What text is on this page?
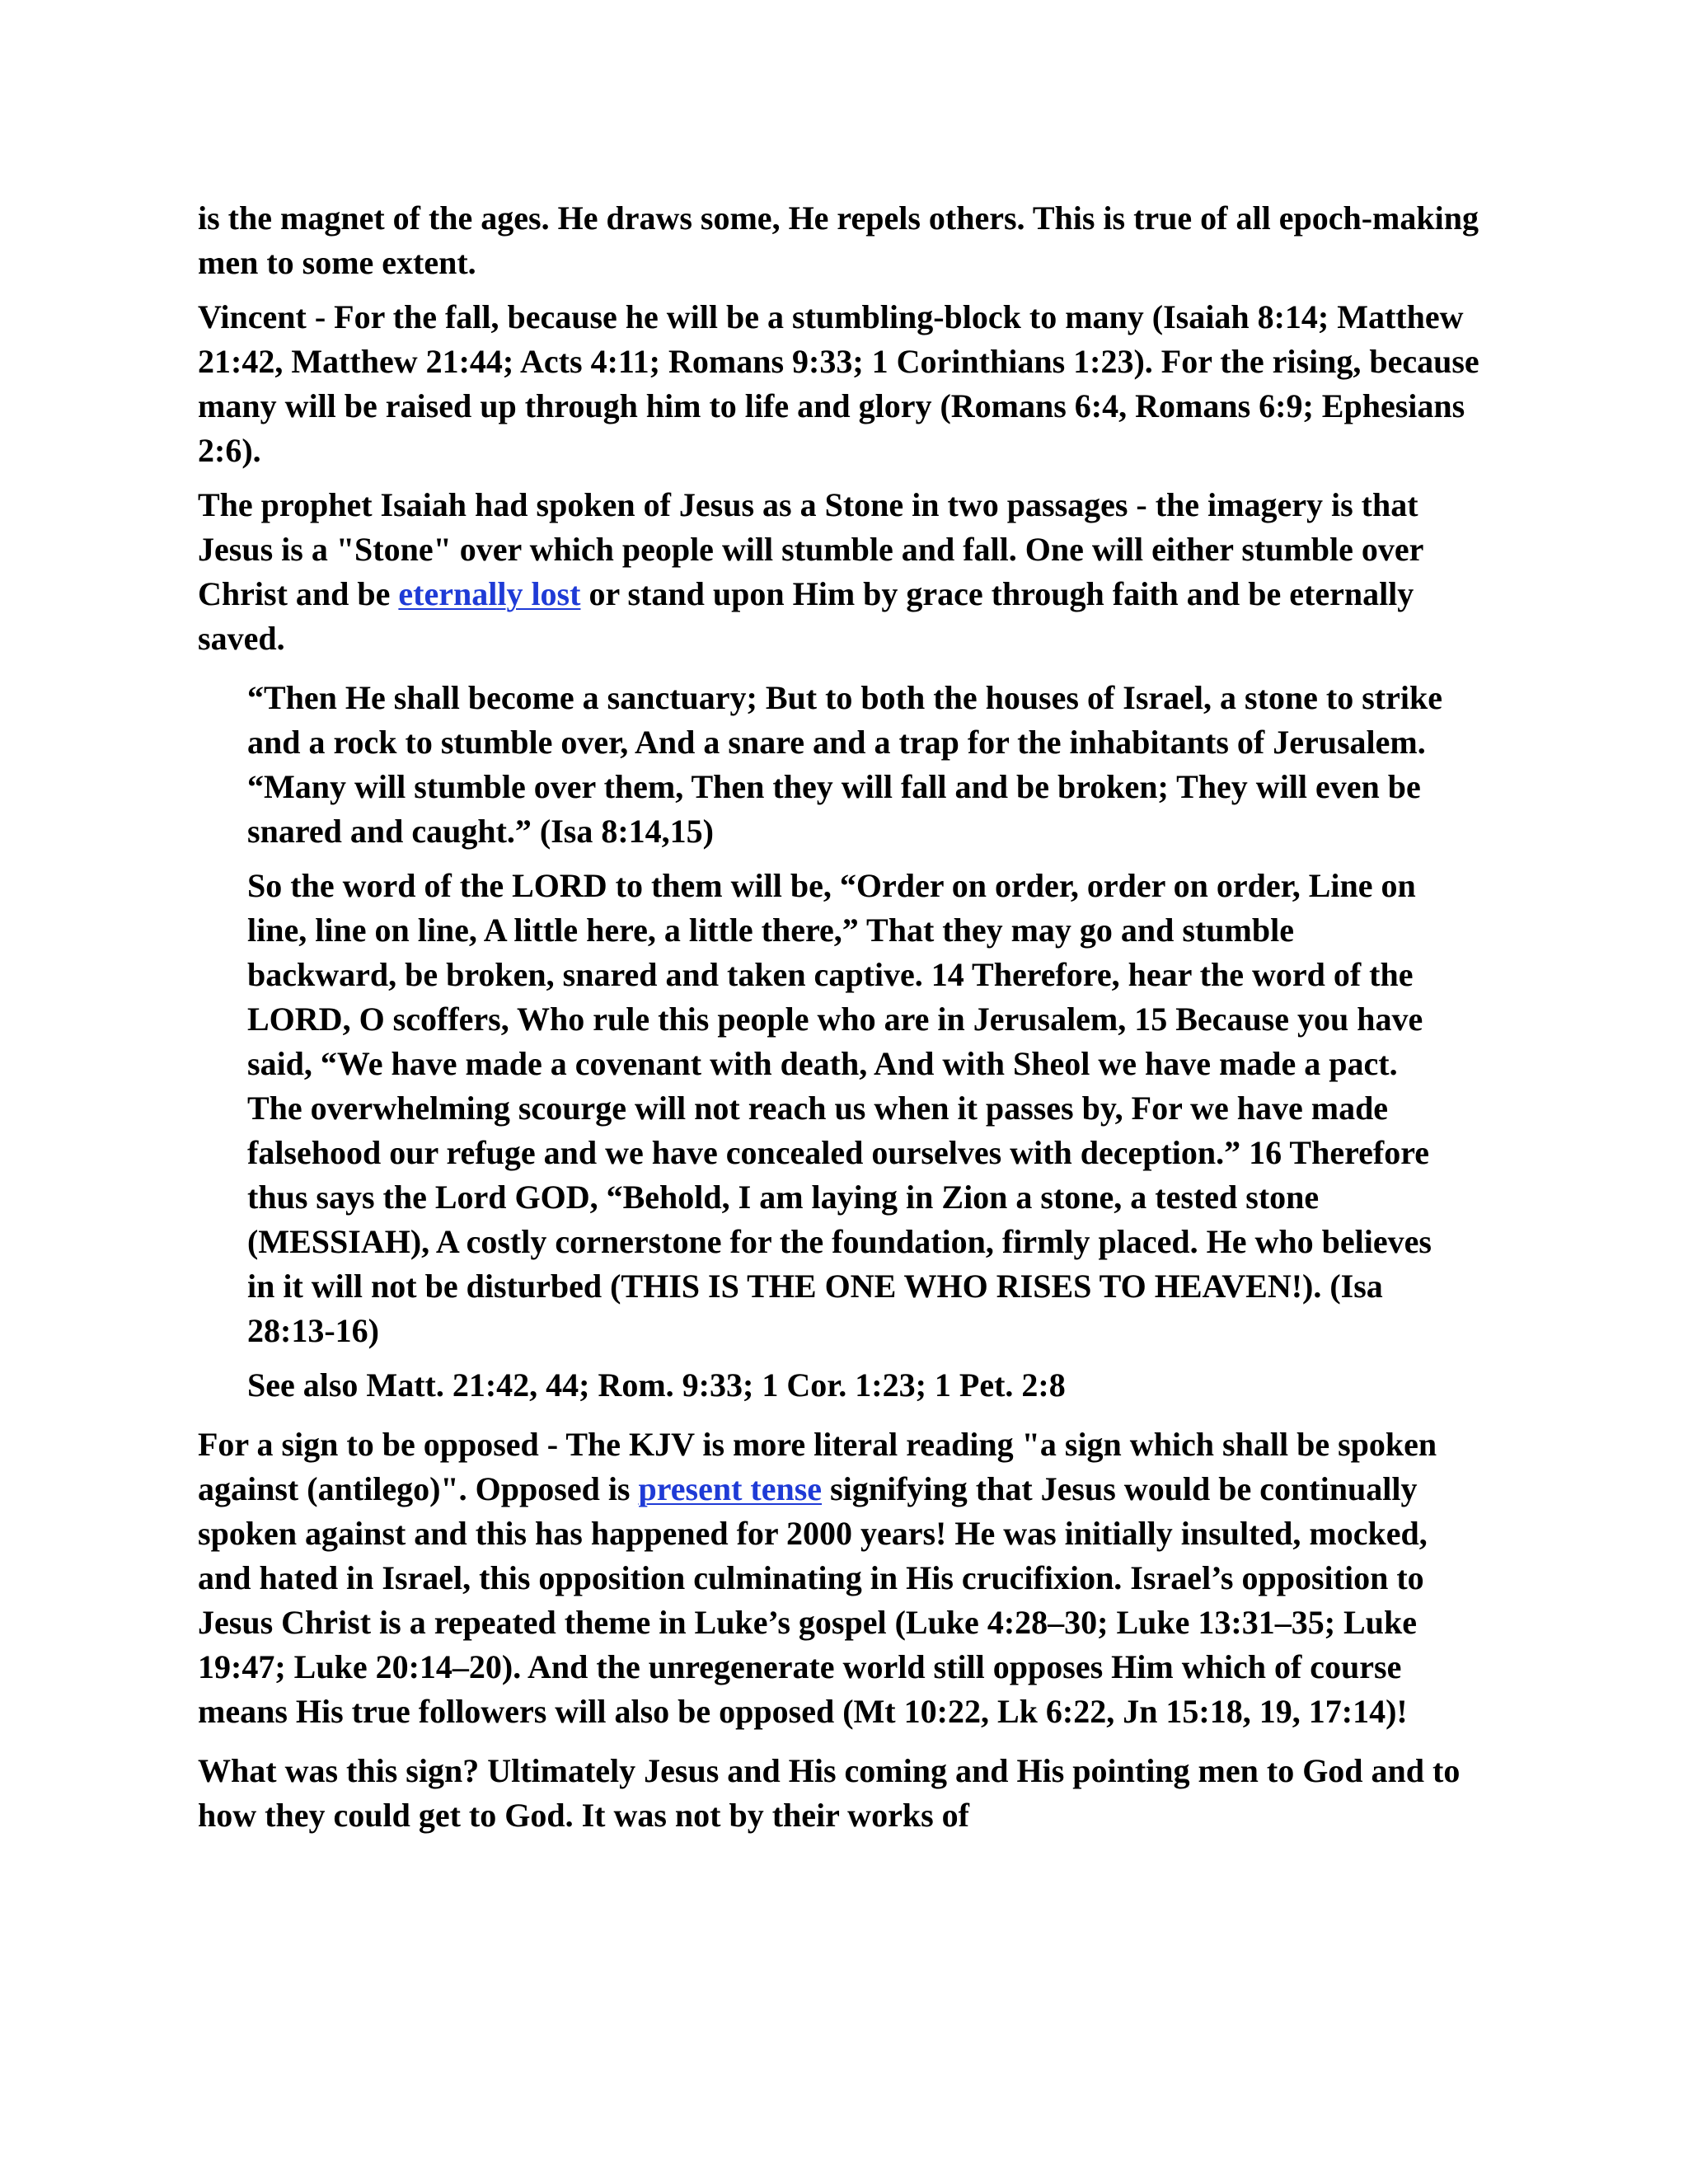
is the magnet of the ages. He draws some, He repels others. This is true of all epoch-making men to some extent.

Vincent - For the fall, because he will be a stumbling-block to many (Isaiah 8:14; Matthew 21:42, Matthew 21:44; Acts 4:11; Romans 9:33; 1 Corinthians 1:23). For the rising, because many will be raised up through him to life and glory (Romans 6:4, Romans 6:9; Ephesians 2:6).

The prophet Isaiah had spoken of Jesus as a Stone in two passages - the imagery is that Jesus is a "Stone" over which people will stumble and fall. One will either stumble over Christ and be eternally lost or stand upon Him by grace through faith and be eternally saved.

“Then He shall become a sanctuary; But to both the houses of Israel, a stone to strike and a rock to stumble over, And a snare and a trap for the inhabitants of Jerusalem. “Many will stumble over them, Then they will fall and be broken; They will even be snared and caught.” (Isa 8:14,15)

So the word of the LORD to them will be, “Order on order, order on order, Line on line, line on line, A little here, a little there,” That they may go and stumble backward, be broken, snared and taken captive. 14 Therefore, hear the word of the LORD, O scoffers, Who rule this people who are in Jerusalem, 15 Because you have said, “We have made a covenant with death, And with Sheol we have made a pact. The overwhelming scourge will not reach us when it passes by, For we have made falsehood our refuge and we have concealed ourselves with deception.” 16 Therefore thus says the Lord GOD, “Behold, I am laying in Zion a stone, a tested stone (MESSIAH), A costly cornerstone for the foundation, firmly placed. He who believes in it will not be disturbed (THIS IS THE ONE WHO RISES TO HEAVEN!). (Isa 28:13-16)

See also Matt. 21:42, 44; Rom. 9:33; 1 Cor. 1:23; 1 Pet. 2:8

For a sign to be opposed - The KJV is more literal reading "a sign which shall be spoken against (antilego)". Opposed is present tense signifying that Jesus would be continually spoken against and this has happened for 2000 years! He was initially insulted, mocked, and hated in Israel, this opposition culminating in His crucifixion. Israel’s opposition to Jesus Christ is a repeated theme in Luke’s gospel (Luke 4:28–30; Luke 13:31–35; Luke 19:47; Luke 20:14–20). And the unregenerate world still opposes Him which of course means His true followers will also be opposed (Mt 10:22, Lk 6:22, Jn 15:18, 19, 17:14)!

What was this sign? Ultimately Jesus and His coming and His pointing men to God and to how they could get to God. It was not by their works of
